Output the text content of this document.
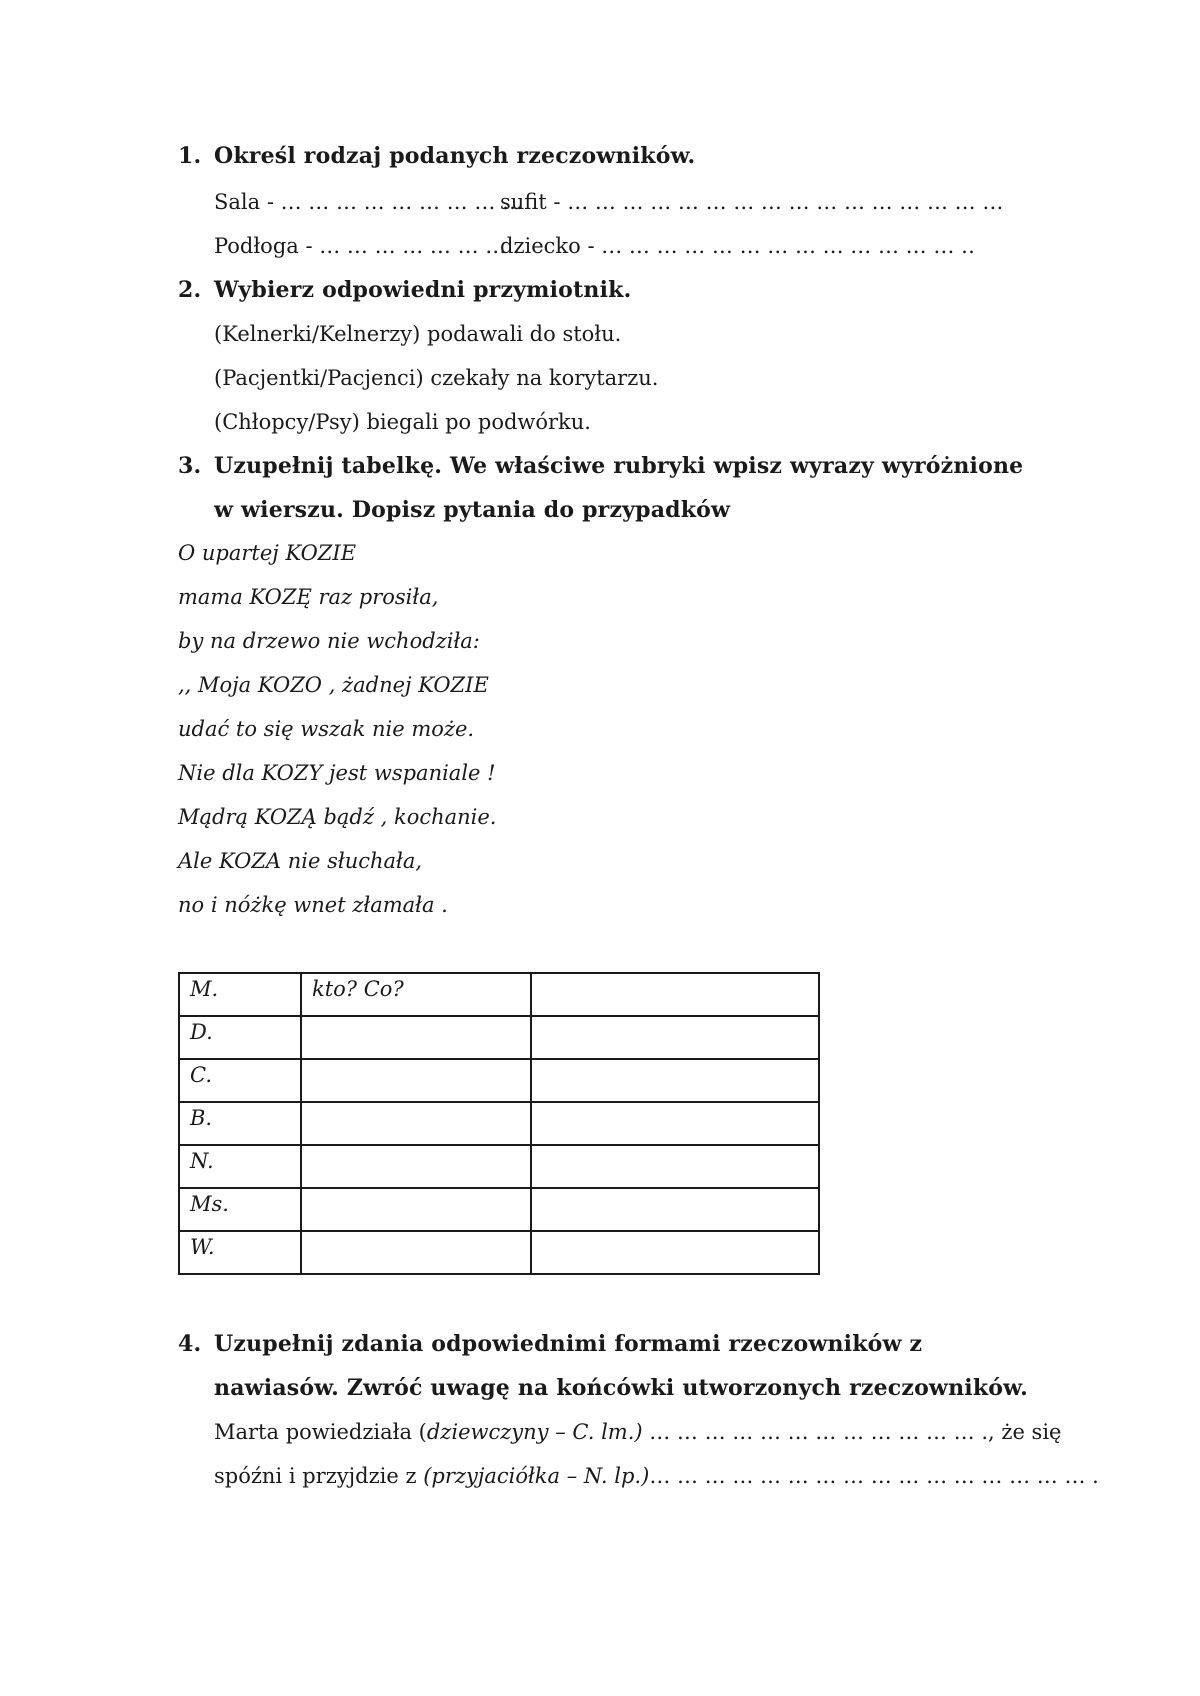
1. Określ rodzaj podanych rzeczowników.
Sala - … … … … … … … … …
sufit - … … … … … … … … … … … … … … … …
Podłoga - … … … … … … … .
dziecko - … … … … … … … … … … … … … ‥
2. Wybierz odpowiedni przymiotnik.
(Kelnerki/Kelnerzy) podawali do stołu.
(Pacjentki/Pacjenci) czekały na korytarzu.
(Chłopcy/Psy) biegali po podwórku.
3. Uzupełnij tabelkę. We właściwe rubryki wpisz wyrazy wyróżnione
w wierszu. Dopisz pytania do przypadków
O upartej KOZIE
mama KOZĘ raz prosiła,
by na drzewo nie wchodziła:
,, Moja KOZO , żadnej KOZIE
udać to się wszak nie może.
Nie dla KOZY jest wspaniale !
Mądrą KOZĄ bądź , kochanie.
Ale KOZA nie słuchała,
no i nóżkę wnet złamała .
M.	kto? Co?	
D.		
C.		
B.		
N.		
Ms.		
W.		
4. Uzupełnij zdania odpowiednimi formami rzeczowników z
nawiasów. Zwróć uwagę na końcówki utworzonych rzeczowników.
Marta powiedziała (dziewczyny – C. lm.) … … … … … … … … … … … … ., że się
spóźni i przyjdzie z (przyjaciółka – N. lp.)… … … … … … … … … … … … … … … … .
